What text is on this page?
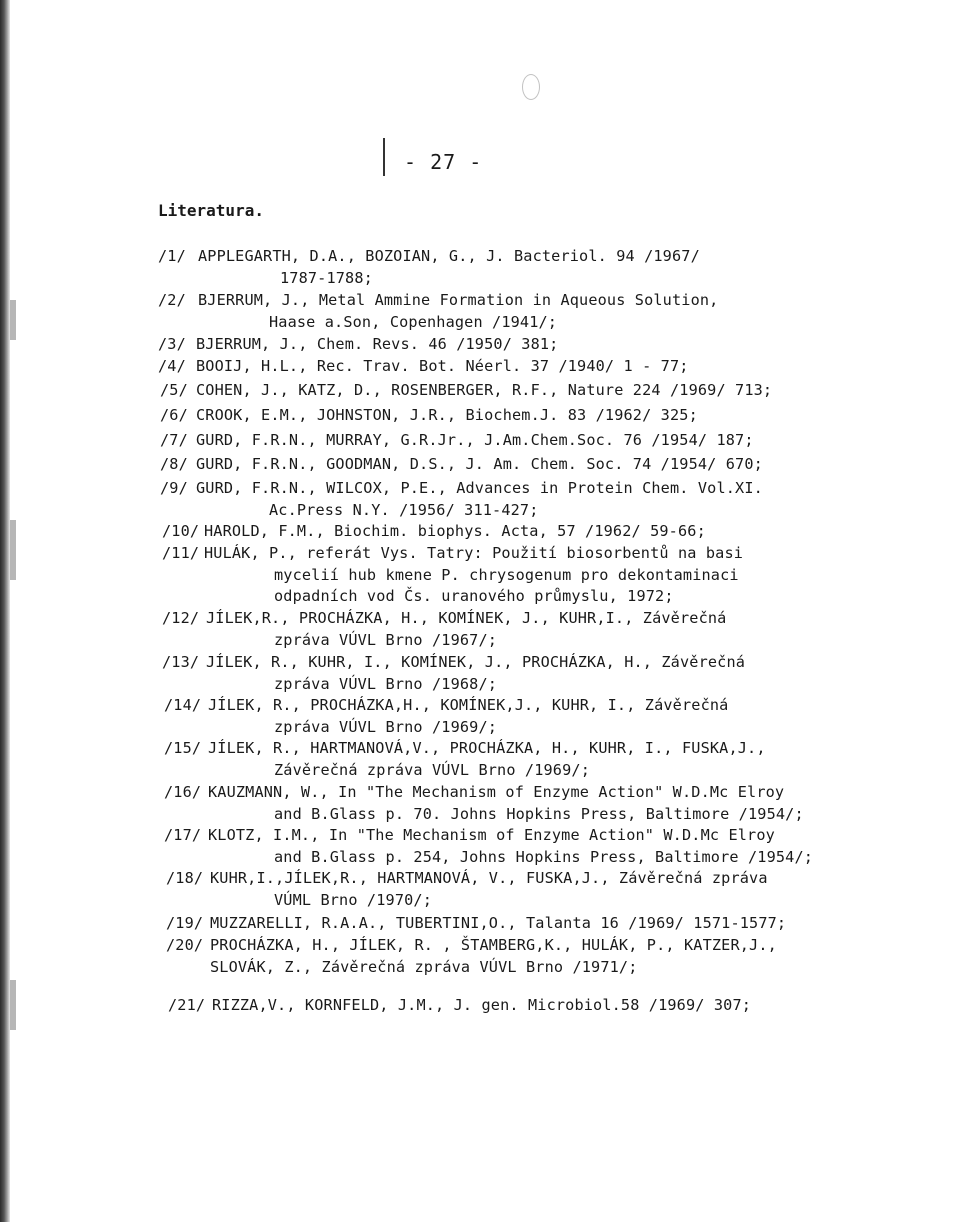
- 27 -
Literatura.
/1/ APPLEGARTH, D.A., BOZOIAN, G., J. Bacteriol. 94 /1967/
1787-1788;
/2/ BJERRUM, J., Metal Ammine Formation in Aqueous Solution,
Haase a.Son, Copenhagen /1941/;
/3/ BJERRUM, J., Chem. Revs. 46 /1950/ 381;
/4/ BOOIJ, H.L., Rec. Trav. Bot. Néerl. 37 /1940/ 1 - 77;
/5/ COHEN, J., KATZ, D., ROSENBERGER, R.F., Nature 224 /1969/ 713;
/6/ CROOK, E.M., JOHNSTON, J.R., Biochem.J. 83 /1962/ 325;
/7/ GURD, F.R.N., MURRAY, G.R.Jr., J.Am.Chem.Soc. 76 /1954/ 187;
/8/ GURD, F.R.N., GOODMAN, D.S., J. Am. Chem. Soc. 74 /1954/ 670;
/9/ GURD, F.R.N., WILCOX, P.E., Advances in Protein Chem. Vol.XI.
Ac.Press N.Y. /1956/ 311-427;
/10/ HAROLD, F.M., Biochim. biophys. Acta, 57 /1962/ 59-66;
/11/ HULÁK, P., referát Vys. Tatry: Použití biosorbentů na basi
mycelií hub kmene P. chrysogenum pro dekontaminaci
odpadních vod Čs. uranového průmyslu, 1972;
/12/ JÍLEK,R., PROCHÁZKA, H., KOMÍNEK, J., KUHR,I., Závěrečná
zpráva VÚVL Brno /1967/;
/13/ JÍLEK, R., KUHR, I., KOMÍNEK, J., PROCHÁZKA, H., Závěrečná
zpráva VÚVL Brno /1968/;
/14/ JÍLEK, R., PROCHÁZKA,H., KOMÍNEK,J., KUHR, I., Závěrečná
zpráva VÚVL Brno /1969/;
/15/ JÍLEK, R., HARTMANOVÁ,V., PROCHÁZKA, H., KUHR, I., FUSKA,J.,
Závěrečná zpráva VÚVL Brno /1969/;
/16/ KAUZMANN, W., In "The Mechanism of Enzyme Action" W.D.Mc Elroy
and B.Glass p. 70. Johns Hopkins Press, Baltimore /1954/;
/17/ KLOTZ, I.M., In "The Mechanism of Enzyme Action" W.D.Mc Elroy
and B.Glass p. 254, Johns Hopkins Press, Baltimore /1954/;
/18/ KUHR,I.,JÍLEK,R., HARTMANOVÁ, V., FUSKA,J., Závěrečná zpráva
VÚML Brno /1970/;
/19/ MUZZARELLI, R.A.A., TUBERTINI,O., Talanta 16 /1969/ 1571-1577;
/20/ PROCHÁZKA, H., JÍLEK, R. , ŠTAMBERG,K., HULÁK, P., KATZER,J.,
SLOVÁK, Z., Závěrečná zpráva VÚVL Brno /1971/;
/21/ RIZZA,V., KORNFELD, J.M., J. gen. Microbiol.58 /1969/ 307;
